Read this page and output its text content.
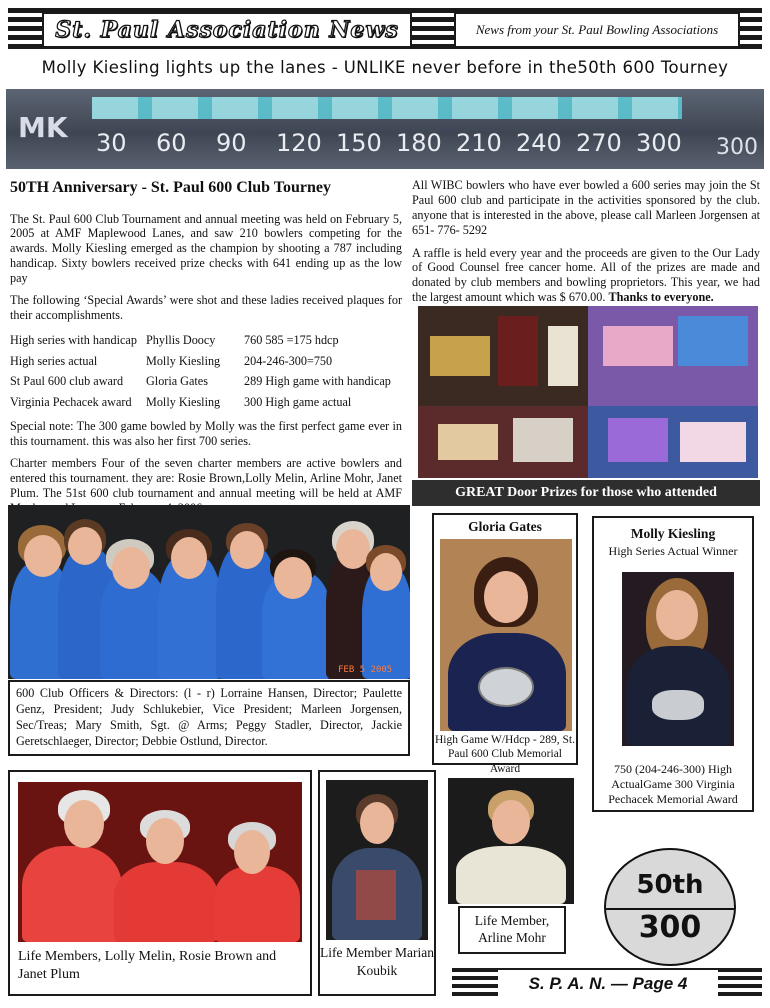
St. Paul Association News	News from your St. Paul Bowling Associations
Molly Kiesling lights up the lanes - UNLIKE never before in the50th 600 Tourney
MK 30	60	90	120 150 180 210 240 270 300	300
50TH Anniversary - St. Paul 600 Club Tourney

The St. Paul 600 Club Tournament and annual meeting was held on February 5, 2005 at AMF Maplewood Lanes, and saw 210 bowlers competing for the awards. Molly Kiesling emerged as the champion by shooting a 787 including handicap. Sixty bowlers received prize checks with 641 ending up as the low pay

The following ‘Special Awards’ were shot and these ladies received plaques for their accomplishments.

High series with handicap	Phyllis Doocy	760 585 =175 hdcp
High series actual	Molly Kiesling	204-246-300=750
St Paul 600 club award	Gloria Gates	289 High game with handicap
Virginia Pechacek award	Molly Kiesling	300 High game actual

Special note: The 300 game bowled by Molly was the first perfect game ever in this tournament. this was also her first 700 series.

Charter members Four of the seven charter members are active bowlers and entered this tournament. they are: Rosie Brown,Lolly Melin, Arline Mohr, Janet Plum. The 51st 600 club tournament and annual meeting will be held at AMF

All WIBC bowlers who have ever bowled a 600 series may join the St Paul 600 club and participate in the activities sponsored by the club. anyone that is interested in the above, please call Marleen Jorgensen at 651- 776- 5292

A raffle is held every year and the proceeds are given to the Our Lady of Good Counsel free cancer home. All of the prizes are made and donated by club members and bowling proprietors. This year, we had the largest amount which was $ 670.00. Thanks to everyone.

GREAT Door Prizes for those who attended
FEB 5 2005
600 Club Officers & Directors: (l - r) Lorraine Hansen, Director; Paulette Genz, President; Judy Schlukebier, Vice President; Marleen Jorgensen, Sec/Treas; Mary Smith, Sgt. @ Arms; Peggy Stadler, Director, Jackie Geretschlaeger, Director; Debbie Ostlund, Director.
Gloria Gates
High Game W/Hdcp - 289, St. Paul 600 Club Memorial Award
Molly Kiesling
High Series Actual Winner
750 (204-246-300) High ActualGame 300 Virginia Pechacek Memorial Award
Life Members, Lolly Melin, Rosie Brown and Janet Plum
Life Member Marian Koubik
Life Member, Arline Mohr
50th
300
S. P. A. N. — Page 4
